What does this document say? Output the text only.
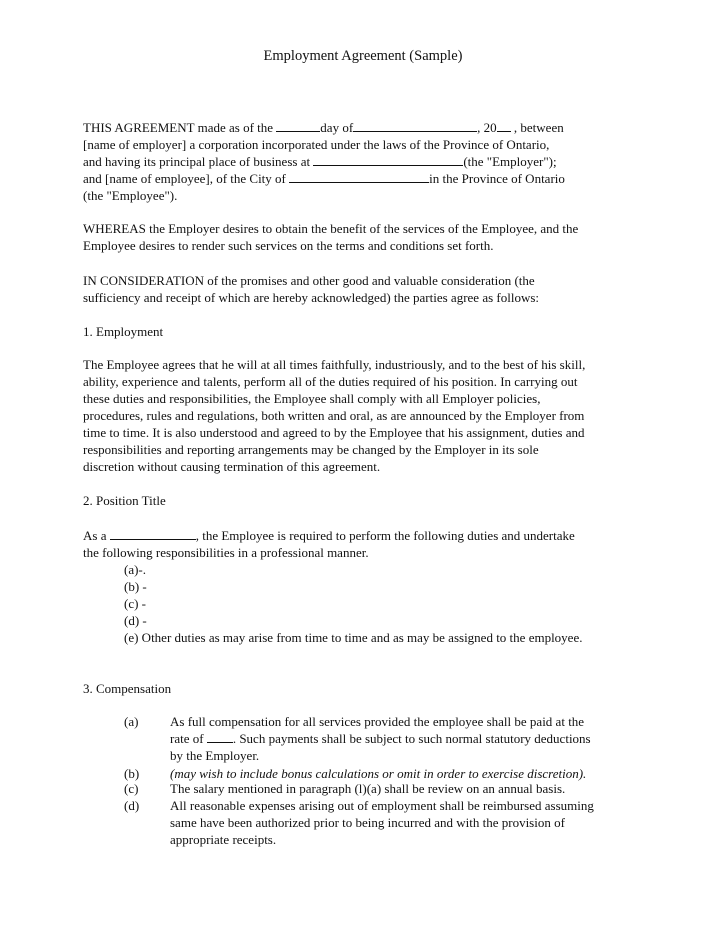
Employment Agreement (Sample)
THIS AGREEMENT made as of the	day of	, 20 , between
[name of employer] a corporation incorporated under the laws of the Province of Ontario,
and having its principal place of business at	(the "Employer");
and [name of employee], of the City of	in the Province of Ontario
(the "Employee").
WHEREAS the Employer desires to obtain the benefit of the services of the Employee, and the
Employee desires to render such services on the terms and conditions set forth.
IN CONSIDERATION of the promises and other good and valuable consideration (the
sufficiency and receipt of which are hereby acknowledged) the parties agree as follows:
1. Employment
The Employee agrees that he will at all times faithfully, industriously, and to the best of his skill,
ability, experience and talents, perform all of the duties required of his position. In carrying out
these duties and responsibilities, the Employee shall comply with all Employer policies,
procedures, rules and regulations, both written and oral, as are announced by the Employer from
time to time. It is also understood and agreed to by the Employee that his assignment, duties and
responsibilities and reporting arrangements may be changed by the Employer in its sole
discretion without causing termination of this agreement.
2. Position Title
As a	, the Employee is required to perform the following duties and undertake
the following responsibilities in a professional manner.
(a)-.
(b) -
(c) -
(d) -
(e) Other duties as may arise from time to time and as may be assigned to the employee.
3. Compensation
(a)	As full compensation for all services provided the employee shall be paid at the
rate of . Such payments shall be subject to such normal statutory deductions
by the Employer.
(b)	(may wish to include bonus calculations or omit in order to exercise discretion).
(c)	The salary mentioned in paragraph (l)(a) shall be review on an annual basis.
(d)	All reasonable expenses arising out of employment shall be reimbursed assuming
same have been authorized prior to being incurred and with the provision of
appropriate receipts.
